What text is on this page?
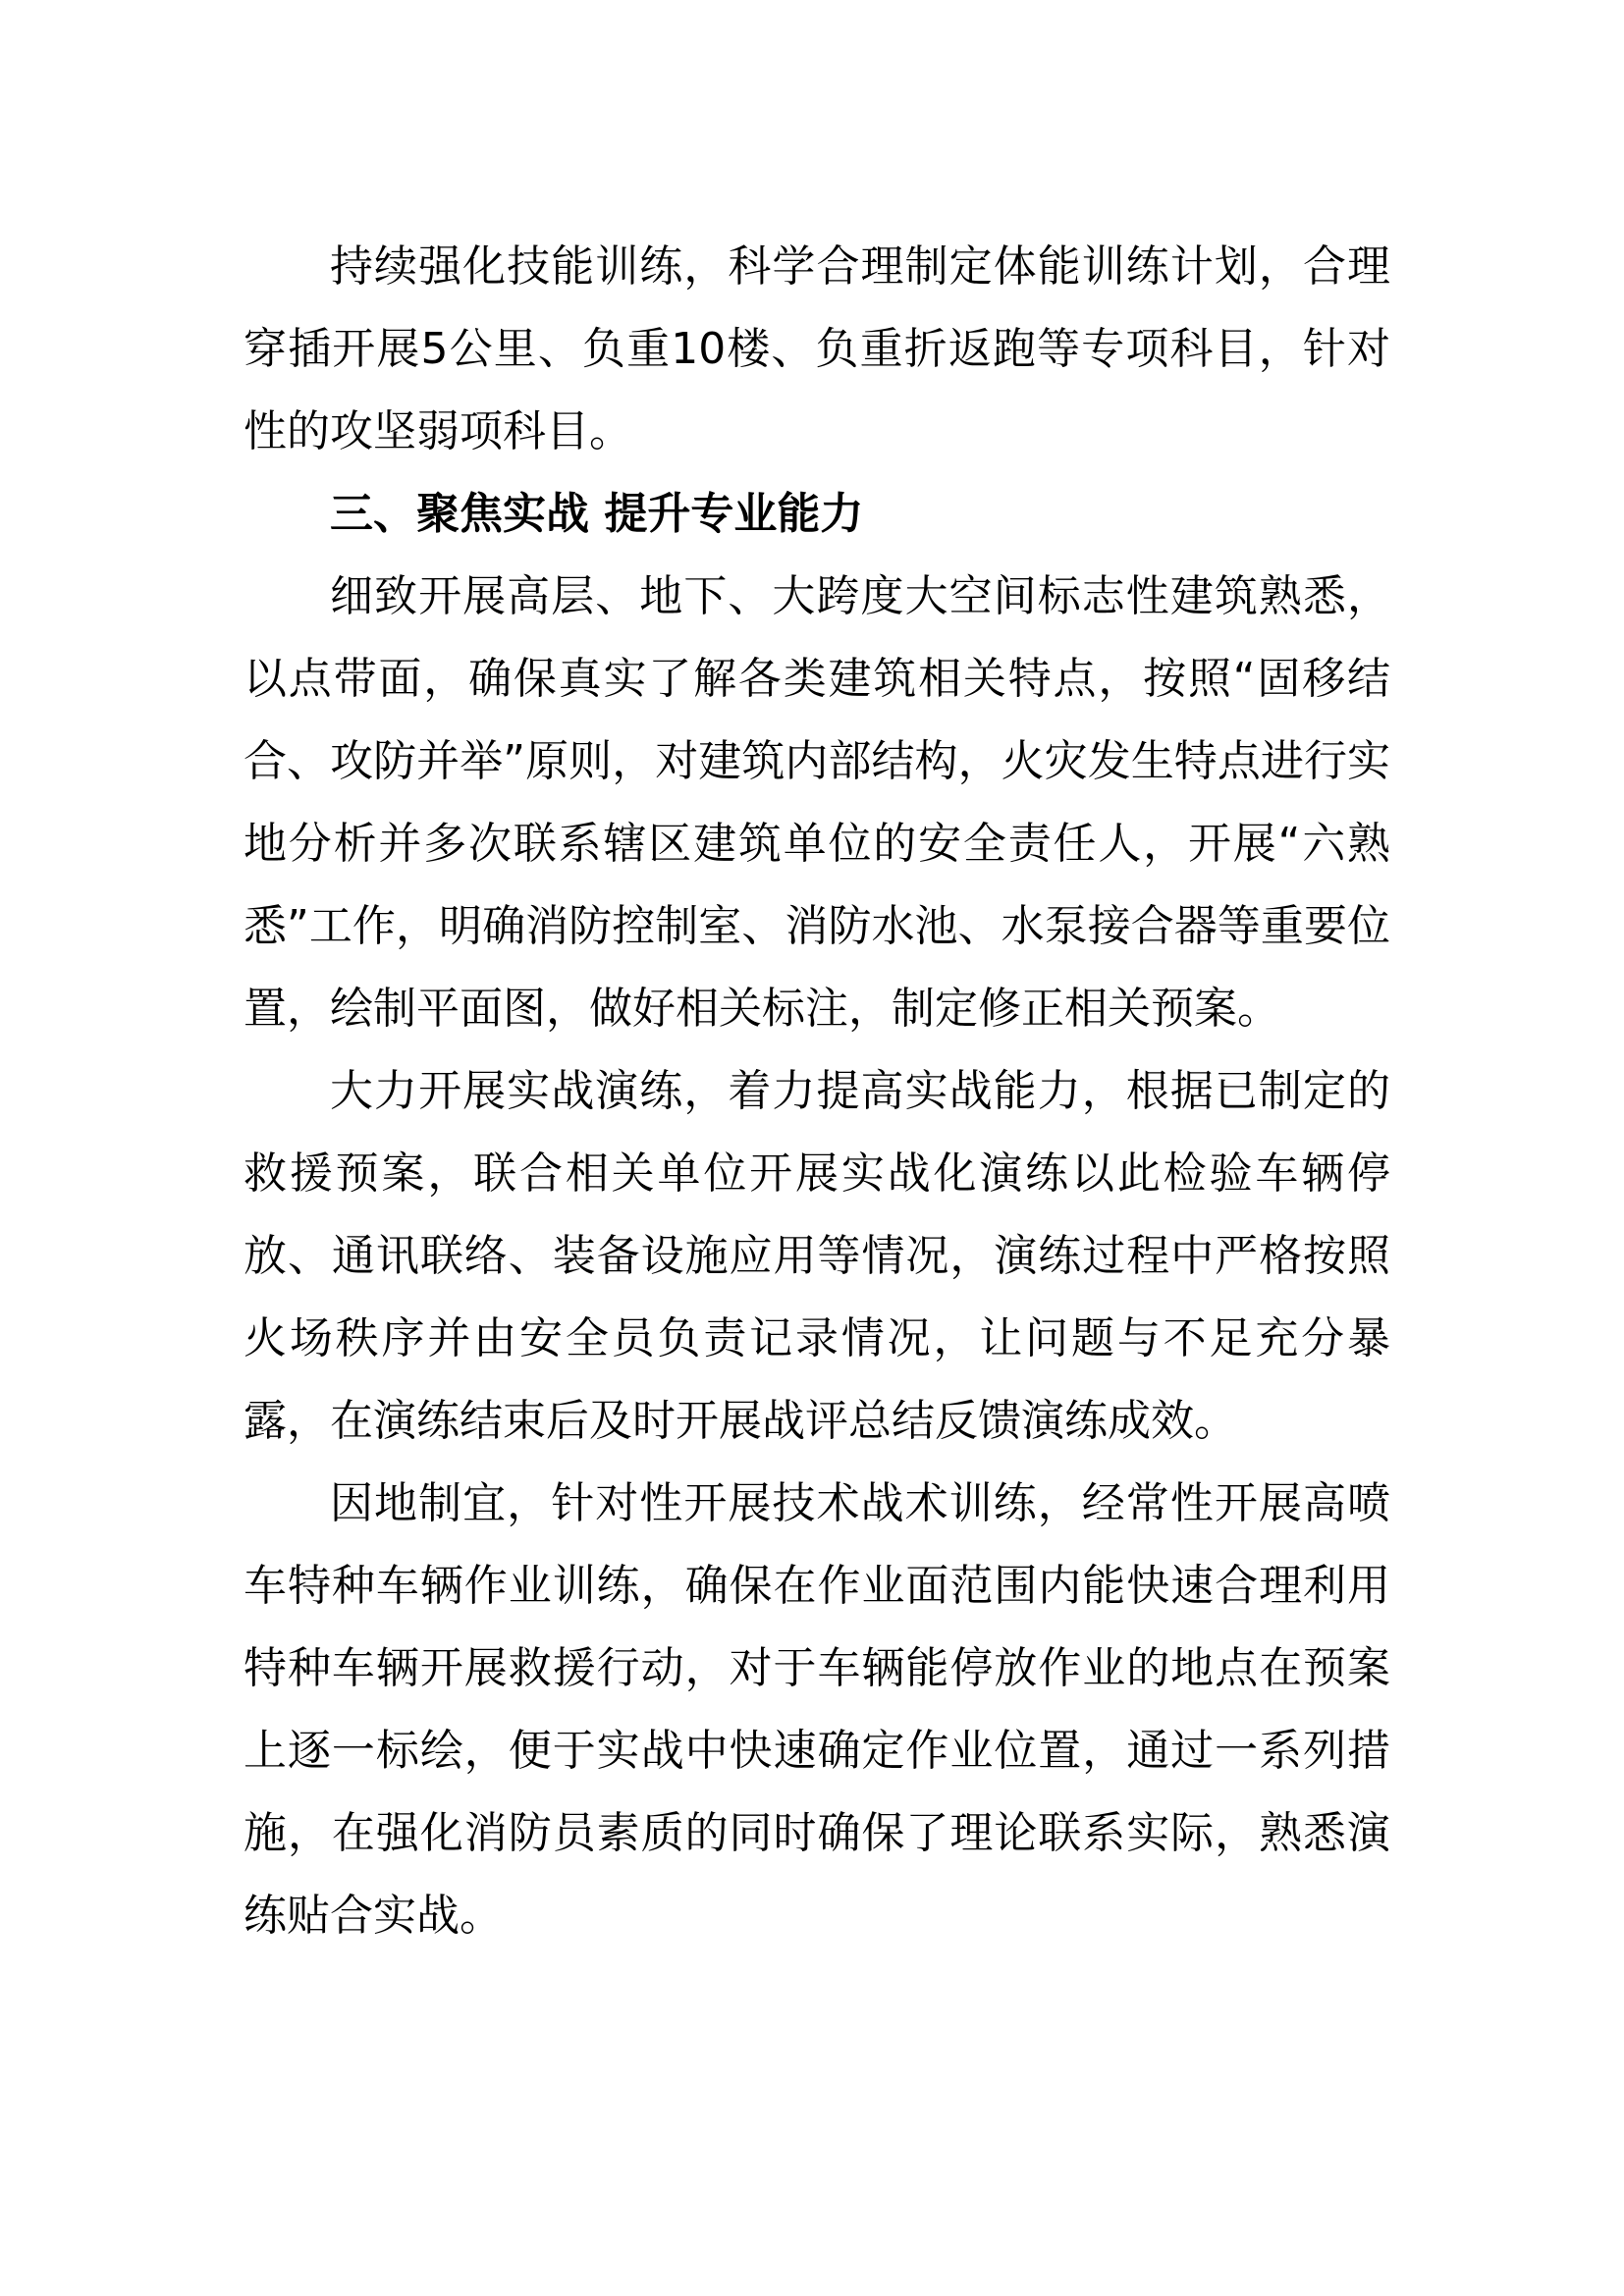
持续强化技能训练，科学合理制定体能训练计划，合理穿插开展5公里、负重10楼、负重折返跑等专项科目，针对性的攻坚弱项科目。

三、聚焦实战 提升专业能力

细致开展高层、地下、大跨度大空间标志性建筑熟悉，以点带面，确保真实了解各类建筑相关特点，按照“固移结合、攻防并举”原则，对建筑内部结构，火灾发生特点进行实地分析并多次联系辖区建筑单位的安全责任人，开展“六熟悉”工作，明确消防控制室、消防水池、水泵接合器等重要位置，绘制平面图，做好相关标注，制定修正相关预案。

大力开展实战演练，着力提高实战能力，根据已制定的救援预案，联合相关单位开展实战化演练以此检验车辆停放、通讯联络、装备设施应用等情况，演练过程中严格按照火场秩序并由安全员负责记录情况，让问题与不足充分暴露，在演练结束后及时开展战评总结反馈演练成效。

因地制宜，针对性开展技术战术训练，经常性开展高喷车特种车辆作业训练，确保在作业面范围内能快速合理利用特种车辆开展救援行动，对于车辆能停放作业的地点在预案上逐一标绘，便于实战中快速确定作业位置，通过一系列措施，在强化消防员素质的同时确保了理论联系实际，熟悉演练贴合实战。
